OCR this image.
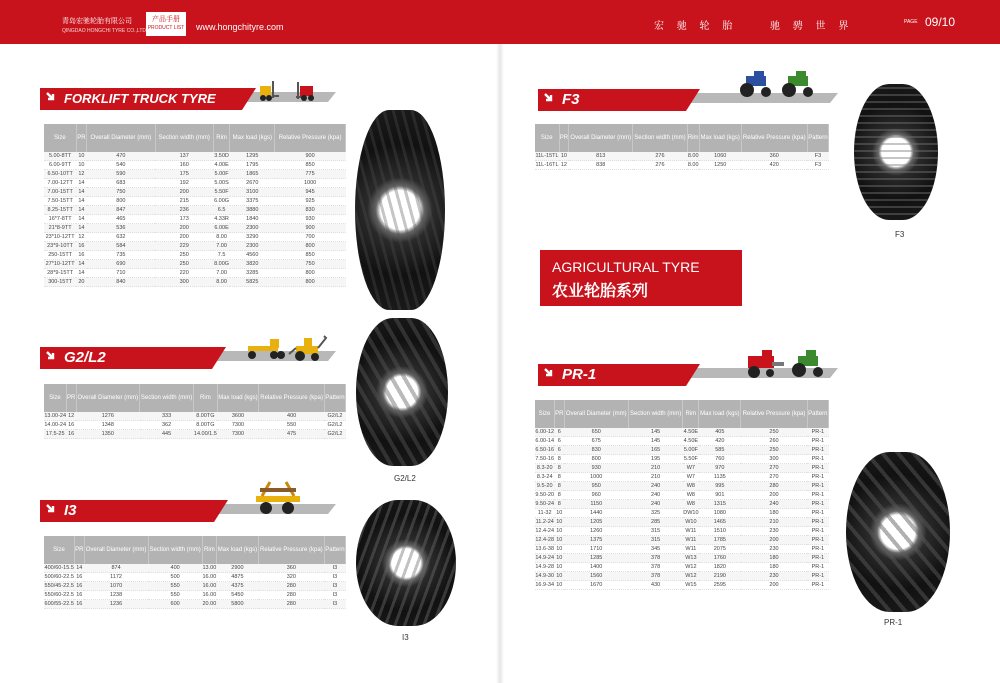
青岛宏驰轮胎有限公司
QINGDAO HONGCHI TYRE CO.,LTD
产品手册
PRODUCT LIST www.hongchityre.com	宏 驰 轮 胎	驰 骋 世 界	PAGE 09/10
FORKLIFT TRUCK TYRE
Size	PR	Overall Diameter (mm)	Section width (mm)	Rim	Max load (kgs)	Relative Pressure (kpa)
5.00-8TT	10	470	137	3.50D	1295	900
6.00-9TT	10	540	160	4.00E	1795	850
6.50-10TT	12	590	175	5.00F	1865	775
7.00-12TT	14	683	192	5.00S	2670	1000
7.00-15TT	14	750	200	5.50F	3100	945
7.50-15TT	14	800	215	6.00G	3375	925
8.25-15TT	14	847	236	6.5	3880	830
16*7-8TT	14	465	173	4.33R	1840	930
21*8-9TT	14	536	200	6.00E	2300	900
23*10-12TT	12	632	200	8.00	3290	700
23*9-10TT	16	584	229	7.00	2300	800
250-15TT	16	735	250	7.5	4560	850
27*10-12TT	14	690	250	8.00G	3820	750
28*9-15TT	14	710	220	7.00	3285	800
300-15TT	20	840	300	8.00	5825	800
G2/L2
Size	PR	Overall Diameter (mm)	Section width (mm)	Rim	Max load (kgs)	Relative Pressure (kpa)	Pattern
13.00-24	12	1276	333	8.00TG	3600	400	G2/L2
14.00-24	16	1348	362	8.00TG	7300	550	G2/L2
17.5-25	16	1350	445	14.00/1.5	7300	475	G2/L2
G2/L2
I3
Size	PR	Overall Diameter (mm)	Section width (mm)	Rim	Max load (kgs)	Relative Pressure (kpa)	Pattern
400/60-15.5	14	874	400	13.00	2900	360	I3
500/60-22.5	16	1172	500	16.00	4875	320	I3
550/45-22.5	16	1070	550	16.00	4375	280	I3
550/60-22.5	16	1238	550	16.00	5450	280	I3
600/55-22.5	16	1236	600	20.00	5800	280	I3
I3
F3
Size	PR	Overall Diameter (mm)	Section width (mm)	Rim	Max load (kgs)	Relative Pressure (kpa)	Pattern
11L-15TL	10	813	276	8.00	1060	360	F3
11L-16TL	12	838	276	8.00	1250	420	F3
F3
AGRICULTURAL TYRE
农业轮胎系列
PR-1
Size	PR	Overall Diameter (mm)	Section width (mm)	Rim	Max load (kgs)	Relative Pressure (kpa)	Pattern
6.00-12	6	650	145	4.50E	405	250	PR-1
6.00-14	6	675	145	4.50E	420	260	PR-1
6.50-16	6	830	165	5.00F	585	250	PR-1
7.50-16	8	800	195	5.50F	760	300	PR-1
8.3-20	8	930	210	W7	970	270	PR-1
8.3-24	8	1000	210	W7	1135	270	PR-1
9.5-20	8	950	240	W8	995	280	PR-1
9.50-20	8	960	240	W8	901	200	PR-1
9.50-24	8	1150	240	W8	1315	240	PR-1
11-32	10	1440	325	DW10	1080	180	PR-1
11.2-24	10	1205	285	W10	1465	210	PR-1
12.4-24	10	1260	315	W11	1510	230	PR-1
12.4-28	10	1375	315	W11	1785	200	PR-1
13.6-38	10	1710	345	W11	2075	230	PR-1
14.9-24	10	1285	378	W13	1760	180	PR-1
14.9-28	10	1400	378	W12	1820	180	PR-1
14.9-30	10	1560	378	W12	2190	230	PR-1
16.9-34	10	1670	430	W15	2595	200	PR-1
PR-1
